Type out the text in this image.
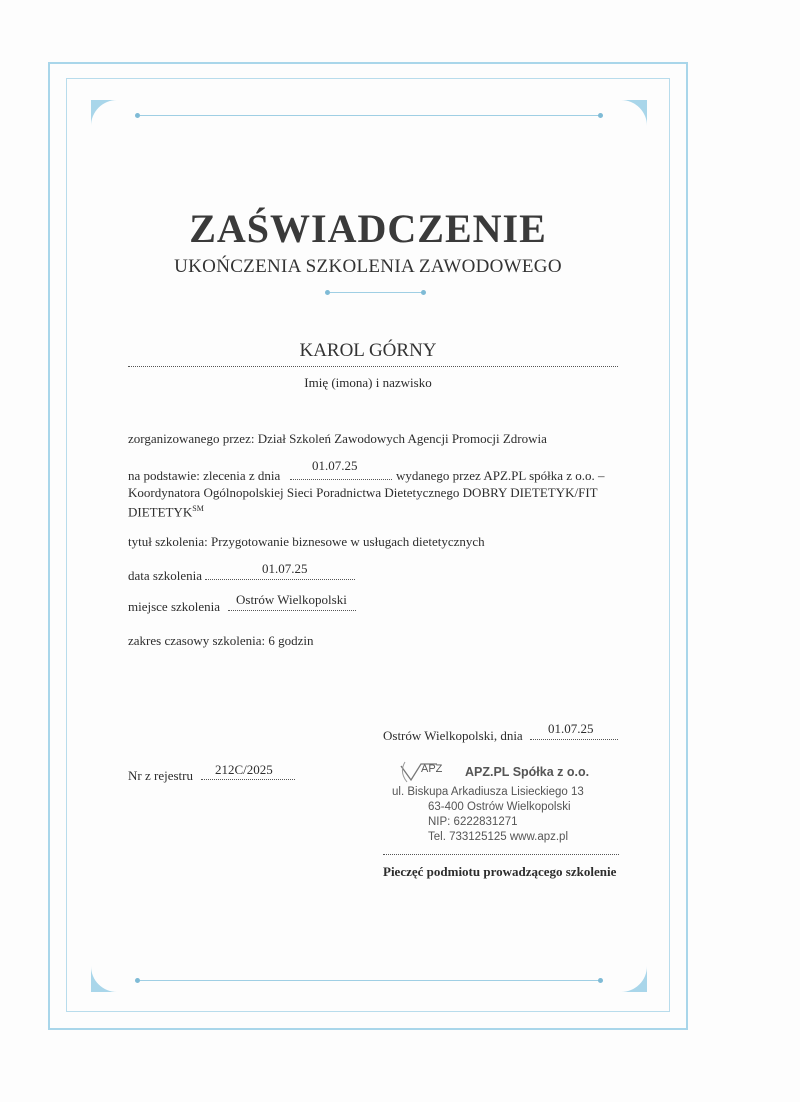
ZAŚWIADCZENIE
UKOŃCZENIA SZKOLENIA ZAWODOWEGO
KAROL GÓRNY
Imię (imona) i nazwisko
zorganizowanego przez: Dział Szkoleń Zawodowych Agencji Promocji Zdrowia
na podstawie: zlecenia z dnia
01.07.25
wydanego przez APZ.PL spółka z o.o. –
Koordynatora Ogólnopolskiej Sieci Poradnictwa Dietetycznego DOBRY DIETETYK/FIT
DIETETYK℠
tytuł szkolenia: Przygotowanie biznesowe w usługach dietetycznych
data szkolenia	01.07.25
miejsce szkolenia Ostrów Wielkopolski
zakres czasowy szkolenia: 6 godzin
Ostrów Wielkopolski, dnia 01.07.25
Nr z rejestru 212C/2025	APZ APZ.PL Spółka z o.o.
ul. Biskupa Arkadiusza Lisieckiego 13
63-400 Ostrów Wielkopolski
NIP: 6222831271
Tel. 733125125 www.apz.pl
Pieczęć podmiotu prowadzącego szkolenie
